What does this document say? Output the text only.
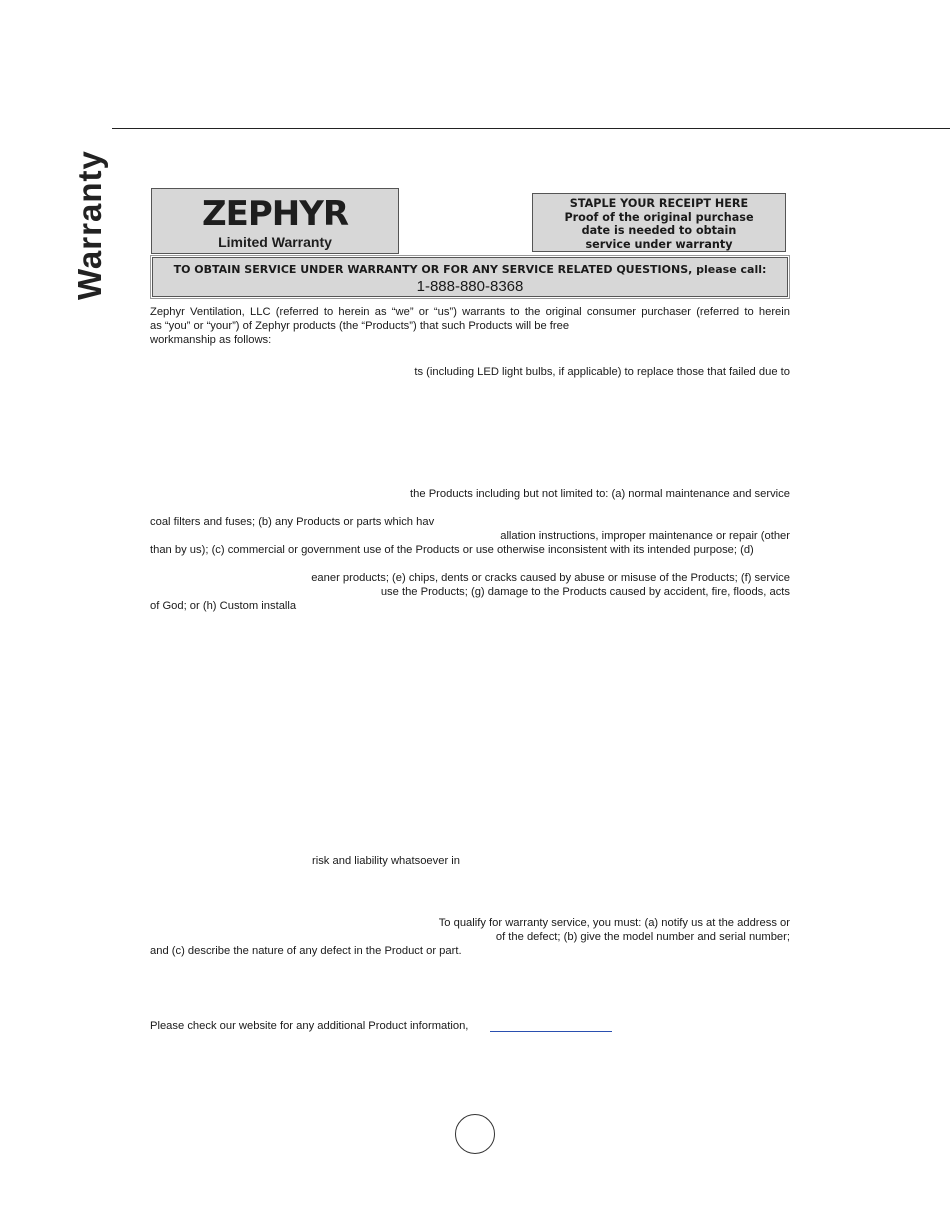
Warranty	ZEPHYR
Limited Warranty
STAPLE YOUR RECEIPT HERE
Proof of the original purchase
date is needed to obtain
service under warranty
TO OBTAIN SERVICE UNDER WARRANTY OR FOR ANY SERVICE RELATED QUESTIONS, please call:
1-888-880-8368
Zephyr Ventilation, LLC (referred to herein as “we” or “us”) warrants to the original consumer purchaser (referred to herein
as “you” or “your”) of Zephyr products (the “Products”) that such Products will be free
workmanship as follows:
ts (including LED light bulbs, if applicable) to replace those that failed due to
the Products including but not limited to: (a) normal maintenance and service
coal filters and fuses; (b) any Products or parts which hav
allation instructions, improper maintenance or repair (other
than by us); (c) commercial or government use of the Products or use otherwise inconsistent with its intended purpose; (d)
eaner products; (e) chips, dents or cracks caused by abuse or misuse of the Products; (f) service
use the Products; (g) damage to the Products caused by accident, fire, floods, acts
of God; or (h) Custom installa
risk and liability whatsoever in
To qualify for warranty service, you must: (a) notify us at the address or
of the defect; (b) give the model number and serial number;
and (c) describe the nature of any defect in the Product or part.
Please check our website for any additional Product information,
